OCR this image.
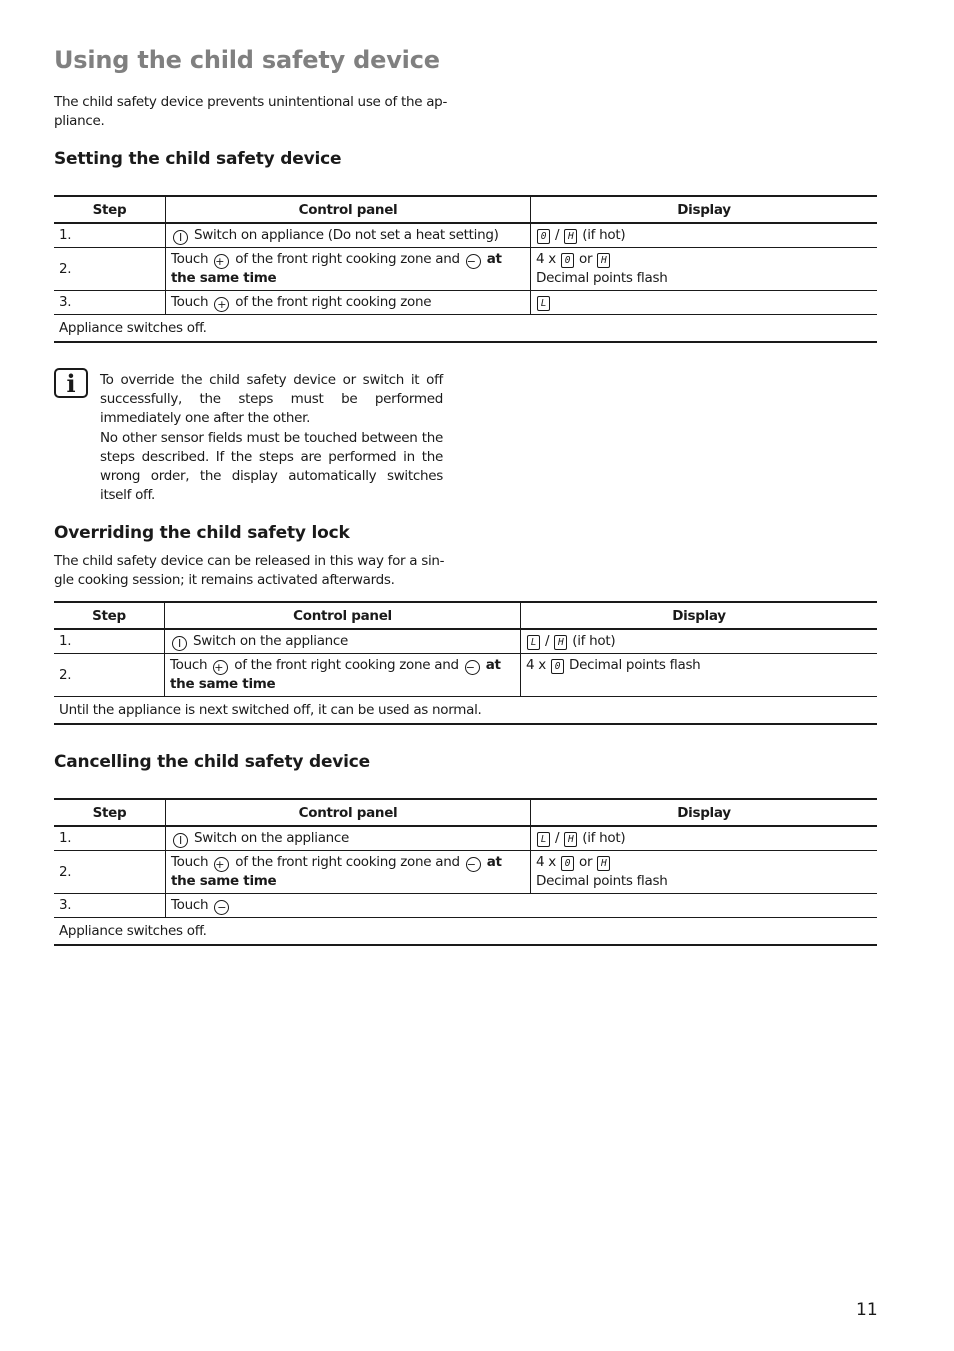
Using the child safety device

The child safety device prevents unintentional use of the ap-pliance.

Setting the child safety device
Step	Control panel	Display
1.	I Switch on appliance (Do not set a heat setting)	0 / H (if hot)
2.	Touch + of the front right cooking zone and − at the same time	4 x 0 or H
Decimal points flash
3.	Touch + of the front right cooking zone	L
Appliance switches off.		
i	To override the child safety device or switch it off successfully, the steps must be performed immediately one after the other.
No other sensor fields must be touched between the steps described. If the steps are performed in the wrong order, the display automatically switches itself off.
Overriding the child safety lock

The child safety device can be released in this way for a sin-gle cooking session; it remains activated afterwards.

Step	Control panel	Display
1.	I Switch on the appliance	L / H (if hot)
2.	Touch + of the front right cooking zone and − at the same time	4 x 0 Decimal points flash
Until the appliance is next switched off, it can be used as normal.		
Cancelling the child safety device
Step	Control panel	Display
1.	I Switch on the appliance	L / H (if hot)
2.	Touch + of the front right cooking zone and − at the same time	4 x 0 or H
Decimal points flash
3.	Touch −	
Appliance switches off.		
11
